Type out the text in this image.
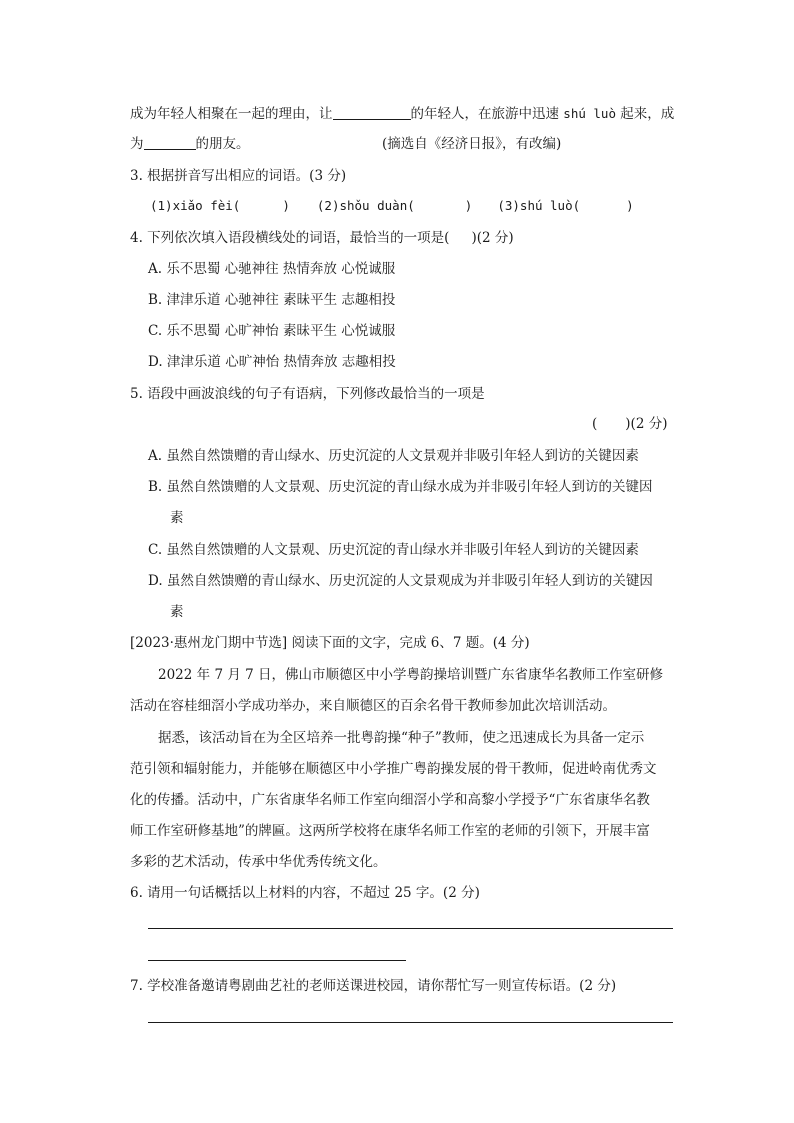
成为年轻人相聚在一起的理由，让	的年轻人，在旅游中迅速 shú luò 起来，成
为	的朋友。	(摘选自《经济日报》，有改编)
3. 根据拼音写出相应的词语。(3 分)
(1)xiǎo fèi(	) (2)shǒu duàn(	) (3)shú luò(	)
4. 下列依次填入语段横线处的词语，最恰当的一项是( )(2 分)
A. 乐不思蜀 心驰神往 热情奔放 心悦诚服
B. 津津乐道 心驰神往 素昧平生 志趣相投
C. 乐不思蜀 心旷神怡 素昧平生 心悦诚服
D. 津津乐道 心旷神怡 热情奔放 志趣相投
5. 语段中画波浪线的句子有语病，下列修改最恰当的一项是
( )(2 分)
A. 虽然自然馈赠的青山绿水、历史沉淀的人文景观并非吸引年轻人到访的关键因素
B. 虽然自然馈赠的人文景观、历史沉淀的青山绿水成为并非吸引年轻人到访的关键因
素
C. 虽然自然馈赠的人文景观、历史沉淀的青山绿水并非吸引年轻人到访的关键因素
D. 虽然自然馈赠的青山绿水、历史沉淀的人文景观成为并非吸引年轻人到访的关键因
素
[2023·惠州龙门期中节选] 阅读下面的文字，完成 6、7 题。(4 分)
2022 年 7 月 7 日，佛山市顺德区中小学粤韵操培训暨广东省康华名教师工作室研修
活动在容桂细滘小学成功举办，来自顺德区的百余名骨干教师参加此次培训活动。
据悉，该活动旨在为全区培养一批粤韵操“种子”教师，使之迅速成长为具备一定示
范引领和辐射能力，并能够在顺德区中小学推广粤韵操发展的骨干教师，促进岭南优秀文
化的传播。活动中，广东省康华名师工作室向细滘小学和高黎小学授予“广东省康华名教
师工作室研修基地”的牌匾。这两所学校将在康华名师工作室的老师的引领下，开展丰富
多彩的艺术活动，传承中华优秀传统文化。
6. 请用一句话概括以上材料的内容，不超过 25 字。(2 分)
7. 学校准备邀请粤剧曲艺社的老师送课进校园，请你帮忙写一则宣传标语。(2 分)
